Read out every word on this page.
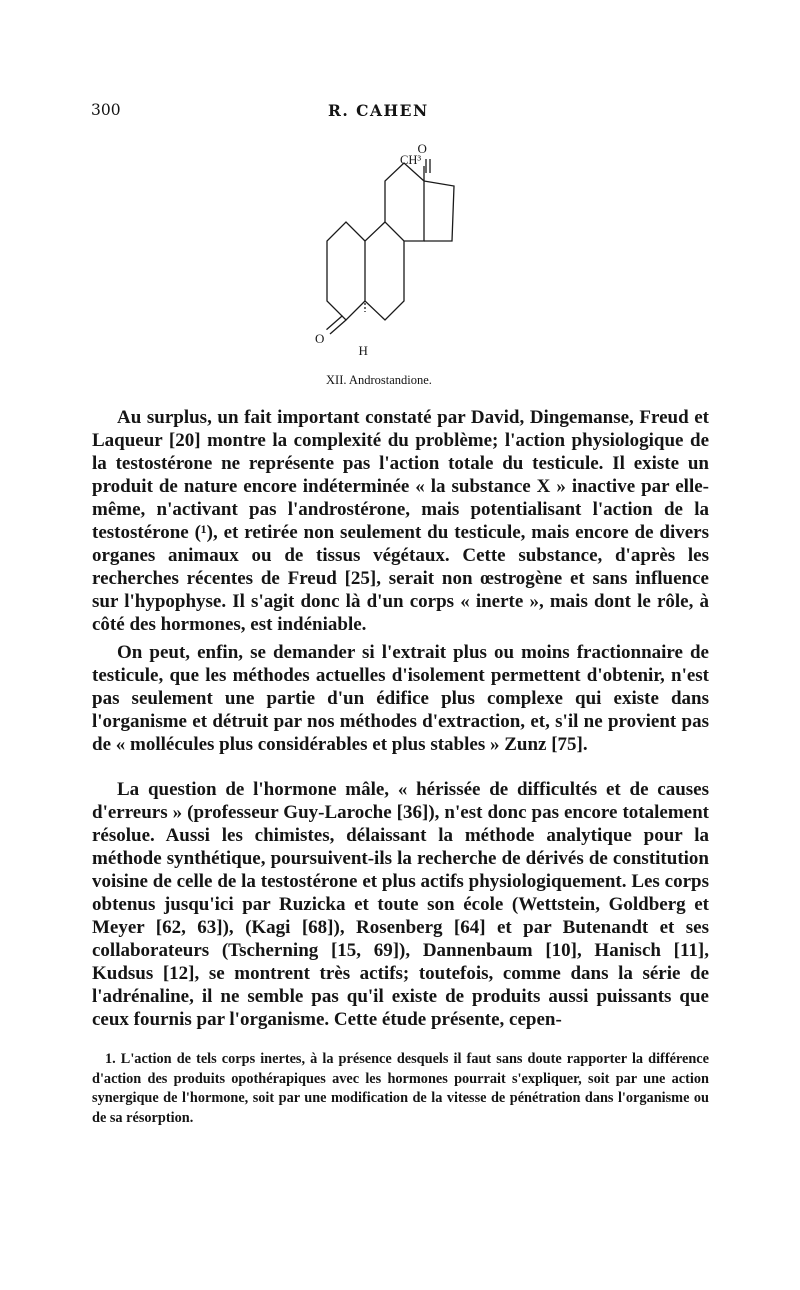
300	R. CAHEN
O
CH³
O
H
XII. Androstandione.

Au surplus, un fait important constaté par David, Dingemanse, Freud et Laqueur [20] montre la complexité du problème; l'action physiologique de la testostérone ne représente pas l'action totale du testicule. Il existe un produit de nature encore indéterminée « la substance X » inactive par elle-même, n'activant pas l'androstérone, mais potentialisant l'action de la testostérone (¹), et retirée non seulement du testicule, mais encore de divers organes animaux ou de tissus végétaux. Cette substance, d'après les recherches récentes de Freud [25], serait non œstrogène et sans influence sur l'hypophyse. Il s'agit donc là d'un corps « inerte », mais dont le rôle, à côté des hormones, est indéniable.

On peut, enfin, se demander si l'extrait plus ou moins fractionnaire de testicule, que les méthodes actuelles d'isolement permettent d'obtenir, n'est pas seulement une partie d'un édifice plus complexe qui existe dans l'organisme et détruit par nos méthodes d'extraction, et, s'il ne provient pas de « mollécules plus considérables et plus stables » Zunz [75].

La question de l'hormone mâle, « hérissée de difficultés et de causes d'erreurs » (professeur Guy-Laroche [36]), n'est donc pas encore totalement résolue. Aussi les chimistes, délaissant la méthode analytique pour la méthode synthétique, poursuivent-ils la recherche de dérivés de constitution voisine de celle de la testostérone et plus actifs physiologiquement. Les corps obtenus jusqu'ici par Ruzicka et toute son école (Wettstein, Goldberg et Meyer [62, 63]), (Kagi [68]), Rosenberg [64] et par Butenandt et ses collaborateurs (Tscherning [15, 69]), Dannenbaum [10], Hanisch [11], Kudsus [12], se montrent très actifs; toutefois, comme dans la série de l'adrénaline, il ne semble pas qu'il existe de produits aussi puissants que ceux fournis par l'organisme. Cette étude présente, cepen-

1. L'action de tels corps inertes, à la présence desquels il faut sans doute rapporter la différence d'action des produits opothérapiques avec les hormones pourrait s'expliquer, soit par une action synergique de l'hormone, soit par une modification de la vitesse de pénétration dans l'organisme ou de sa résorption.
